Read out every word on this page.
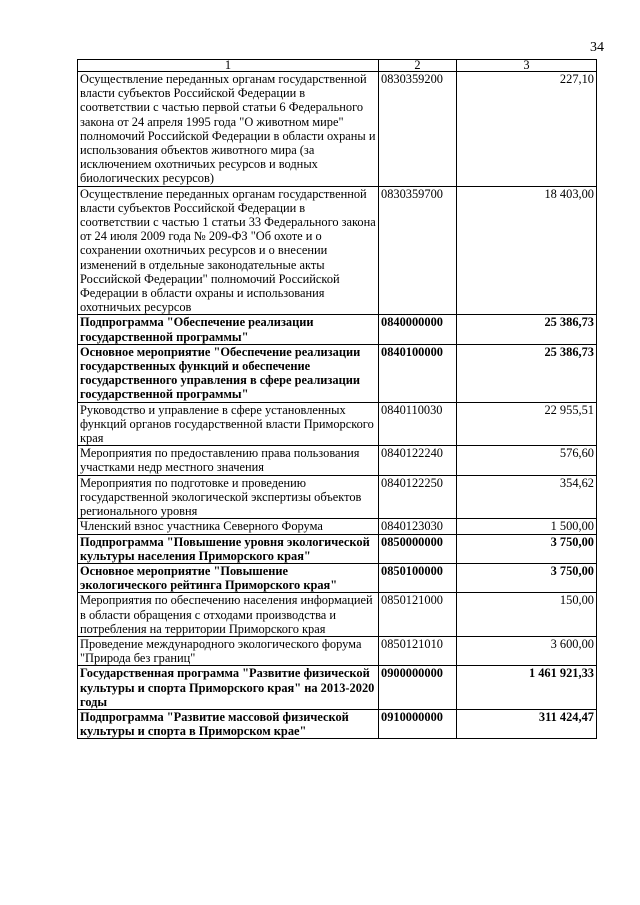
34
1	2	3
Осуществление переданных органам государственной власти субъектов Российской Федерации в соответствии с частью первой статьи 6 Федерального закона от 24 апреля 1995 года "О животном мире" полномочий Российской Федерации в области охраны и использования объектов животного мира (за исключением охотничьих ресурсов и водных биологических ресурсов)	0830359200	227,10
Осуществление переданных органам государственной власти субъектов Российской Федерации в соответствии с частью 1 статьи 33 Федерального закона от 24 июля 2009 года № 209-ФЗ "Об охоте и о сохранении охотничьих ресурсов и о внесении изменений в отдельные законодательные акты Российской Федерации" полномочий Российской Федерации в области охраны и использования охотничьих ресурсов	0830359700	18 403,00
Подпрограмма "Обеспечение реализации государственной программы"	0840000000	25 386,73
Основное мероприятие "Обеспечение реализации государственных функций и обеспечение государственного управления в сфере реализации государственной программы"	0840100000	25 386,73
Руководство и управление в сфере установленных функций органов государственной власти Приморского края	0840110030	22 955,51
Мероприятия по предоставлению права пользования участками недр местного значения	0840122240	576,60
Мероприятия по подготовке и проведению государственной экологической экспертизы объектов регионального уровня	0840122250	354,62
Членский взнос участника Северного Форума	0840123030	1 500,00
Подпрограмма "Повышение уровня экологической культуры населения Приморского края"	0850000000	3 750,00
Основное мероприятие "Повышение экологического рейтинга Приморского края"	0850100000	3 750,00
Мероприятия по обеспечению населения информацией в области обращения с отходами производства и потребления на территории Приморского края	0850121000	150,00
Проведение международного экологического форума "Природа без границ"	0850121010	3 600,00
Государственная программа "Развитие физической культуры и спорта Приморского края" на 2013-2020 годы	0900000000	1 461 921,33
Подпрограмма "Развитие массовой физической культуры и спорта в Приморском крае"	0910000000	311 424,47
